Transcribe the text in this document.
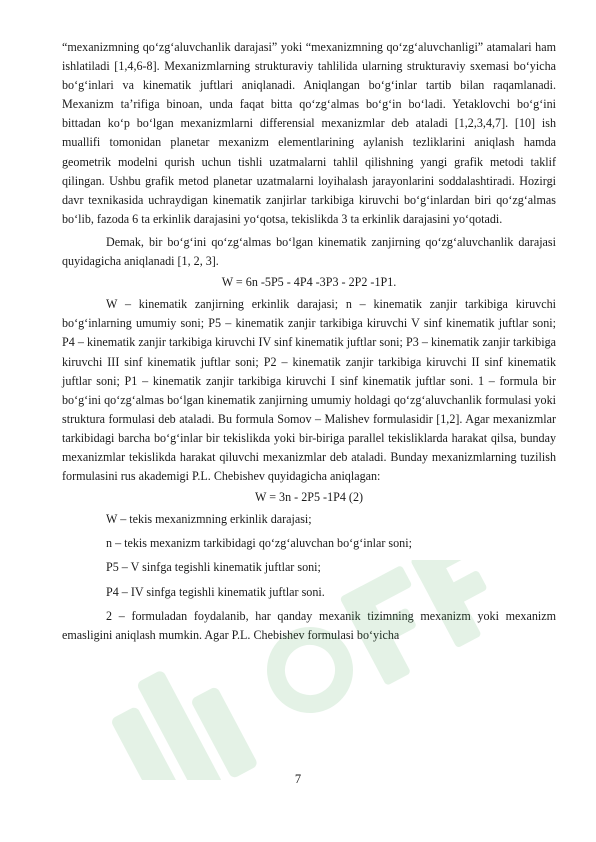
“mexanizmning qo‘zg‘aluvchanlik darajasi” yoki “mexanizmning qo‘zg‘aluvchanligi” atamalari ham ishlatiladi [1,4,6-8]. Mexanizmlarning strukturaviy tahlilida ularning strukturaviy sxemasi bo‘yicha bo‘g‘inlari va kinematik juftlari aniqlanadi. Aniqlangan bo‘g‘inlar tartib bilan raqamlanadi. Mexanizm ta’rifiga binoan, unda faqat bitta qo‘zg‘almas bo‘g‘in bo‘ladi. Yetaklovchi bo‘g‘ini bittadan ko‘p bo‘lgan mexanizmlarni differensial mexanizmlar deb ataladi [1,2,3,4,7]. [10] ish muallifi tomonidan planetar mexanizm elementlarining aylanish tezliklarini aniqlash hamda geometrik modelni qurish uchun tishli uzatmalarni tahlil qilishning yangi grafik metodi taklif qilingan. Ushbu grafik metod planetar uzatmalarni loyihalash jarayonlarini soddalashtiradi. Hozirgi davr texnikasida uchraydigan kinematik zanjirlar tarkibiga kiruvchi bo‘g‘inlardan biri qo‘zg‘almas bo‘lib, fazoda 6 ta erkinlik darajasini yo‘qotsa, tekislikda 3 ta erkinlik darajasini yo‘qotadi.

Demak, bir bo‘g‘ini qo‘zg‘almas bo‘lgan kinematik zanjirning qo‘zg‘aluvchanlik darajasi quyidagicha aniqlanadi [1, 2, 3].

W = 6n -5P5 - 4P4 -3P3 - 2P2 -1P1.

W – kinematik zanjirning erkinlik darajasi; n – kinematik zanjir tarkibiga kiruvchi bo‘g‘inlarning umumiy soni; P5 – kinematik zanjir tarkibiga kiruvchi V sinf kinematik juftlar soni; P4 – kinematik zanjir tarkibiga kiruvchi IV sinf kinematik juftlar soni; P3 – kinematik zanjir tarkibiga kiruvchi III sinf kinematik juftlar soni; P2 – kinematik zanjir tarkibiga kiruvchi II sinf kinematik juftlar soni; P1 – kinematik zanjir tarkibiga kiruvchi I sinf kinematik juftlar soni. 1 – formula bir bo‘g‘ini qo‘zg‘almas bo‘lgan kinematik zanjirning umumiy holdagi qo‘zg‘aluvchanlik formulasi yoki struktura formulasi deb ataladi. Bu formula Somov – Malishev formulasidir [1,2]. Agar mexanizmlar tarkibidagi barcha bo‘g‘inlar bir tekislikda yoki bir-biriga parallel tekisliklarda harakat qilsa, bunday mexanizmlar tekislikda harakat qiluvchi mexanizmlar deb ataladi. Bunday mexanizmlarning tuzilish formulasini rus akademigi P.L. Chebishev quyidagicha aniqlagan:

W = 3n - 2P5 -1P4 (2)
W – tekis mexanizmning erkinlik darajasi;
n – tekis mexanizm tarkibidagi qo‘zg‘aluvchan bo‘g‘inlar soni;
P5 – V sinfga tegishli kinematik juftlar soni;
P4 – IV sinfga tegishli kinematik juftlar soni.

2 – formuladan foydalanib, har qanday mexanik tizimning mexanizm yoki mexanizm emasligini aniqlash mumkin. Agar P.L. Chebishev formulasi bo‘yicha

7
